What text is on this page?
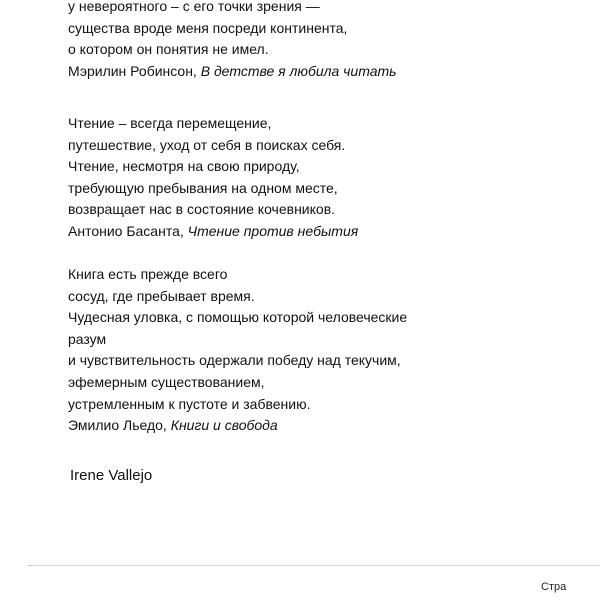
у невероятного – с его точки зрения —
существа вроде меня посреди континента,
о котором он понятия не имел.
Мэрилин Робинсон, В детстве я любила читать
Чтение – всегда перемещение,
путешествие, уход от себя в поисках себя.
Чтение, несмотря на свою природу,
требующую пребывания на одном месте,
возвращает нас в состояние кочевников.
Антонио Басанта, Чтение против небытия
Книга есть прежде всего
сосуд, где пребывает время.
Чудесная уловка, с помощью которой человеческие
разум
и чувствительность одержали победу над текучим,
эфемерным существованием,
устремленным к пустоте и забвению.
Эмилио Льедо, Книги и свобода
Irene Vallejo
Стра
